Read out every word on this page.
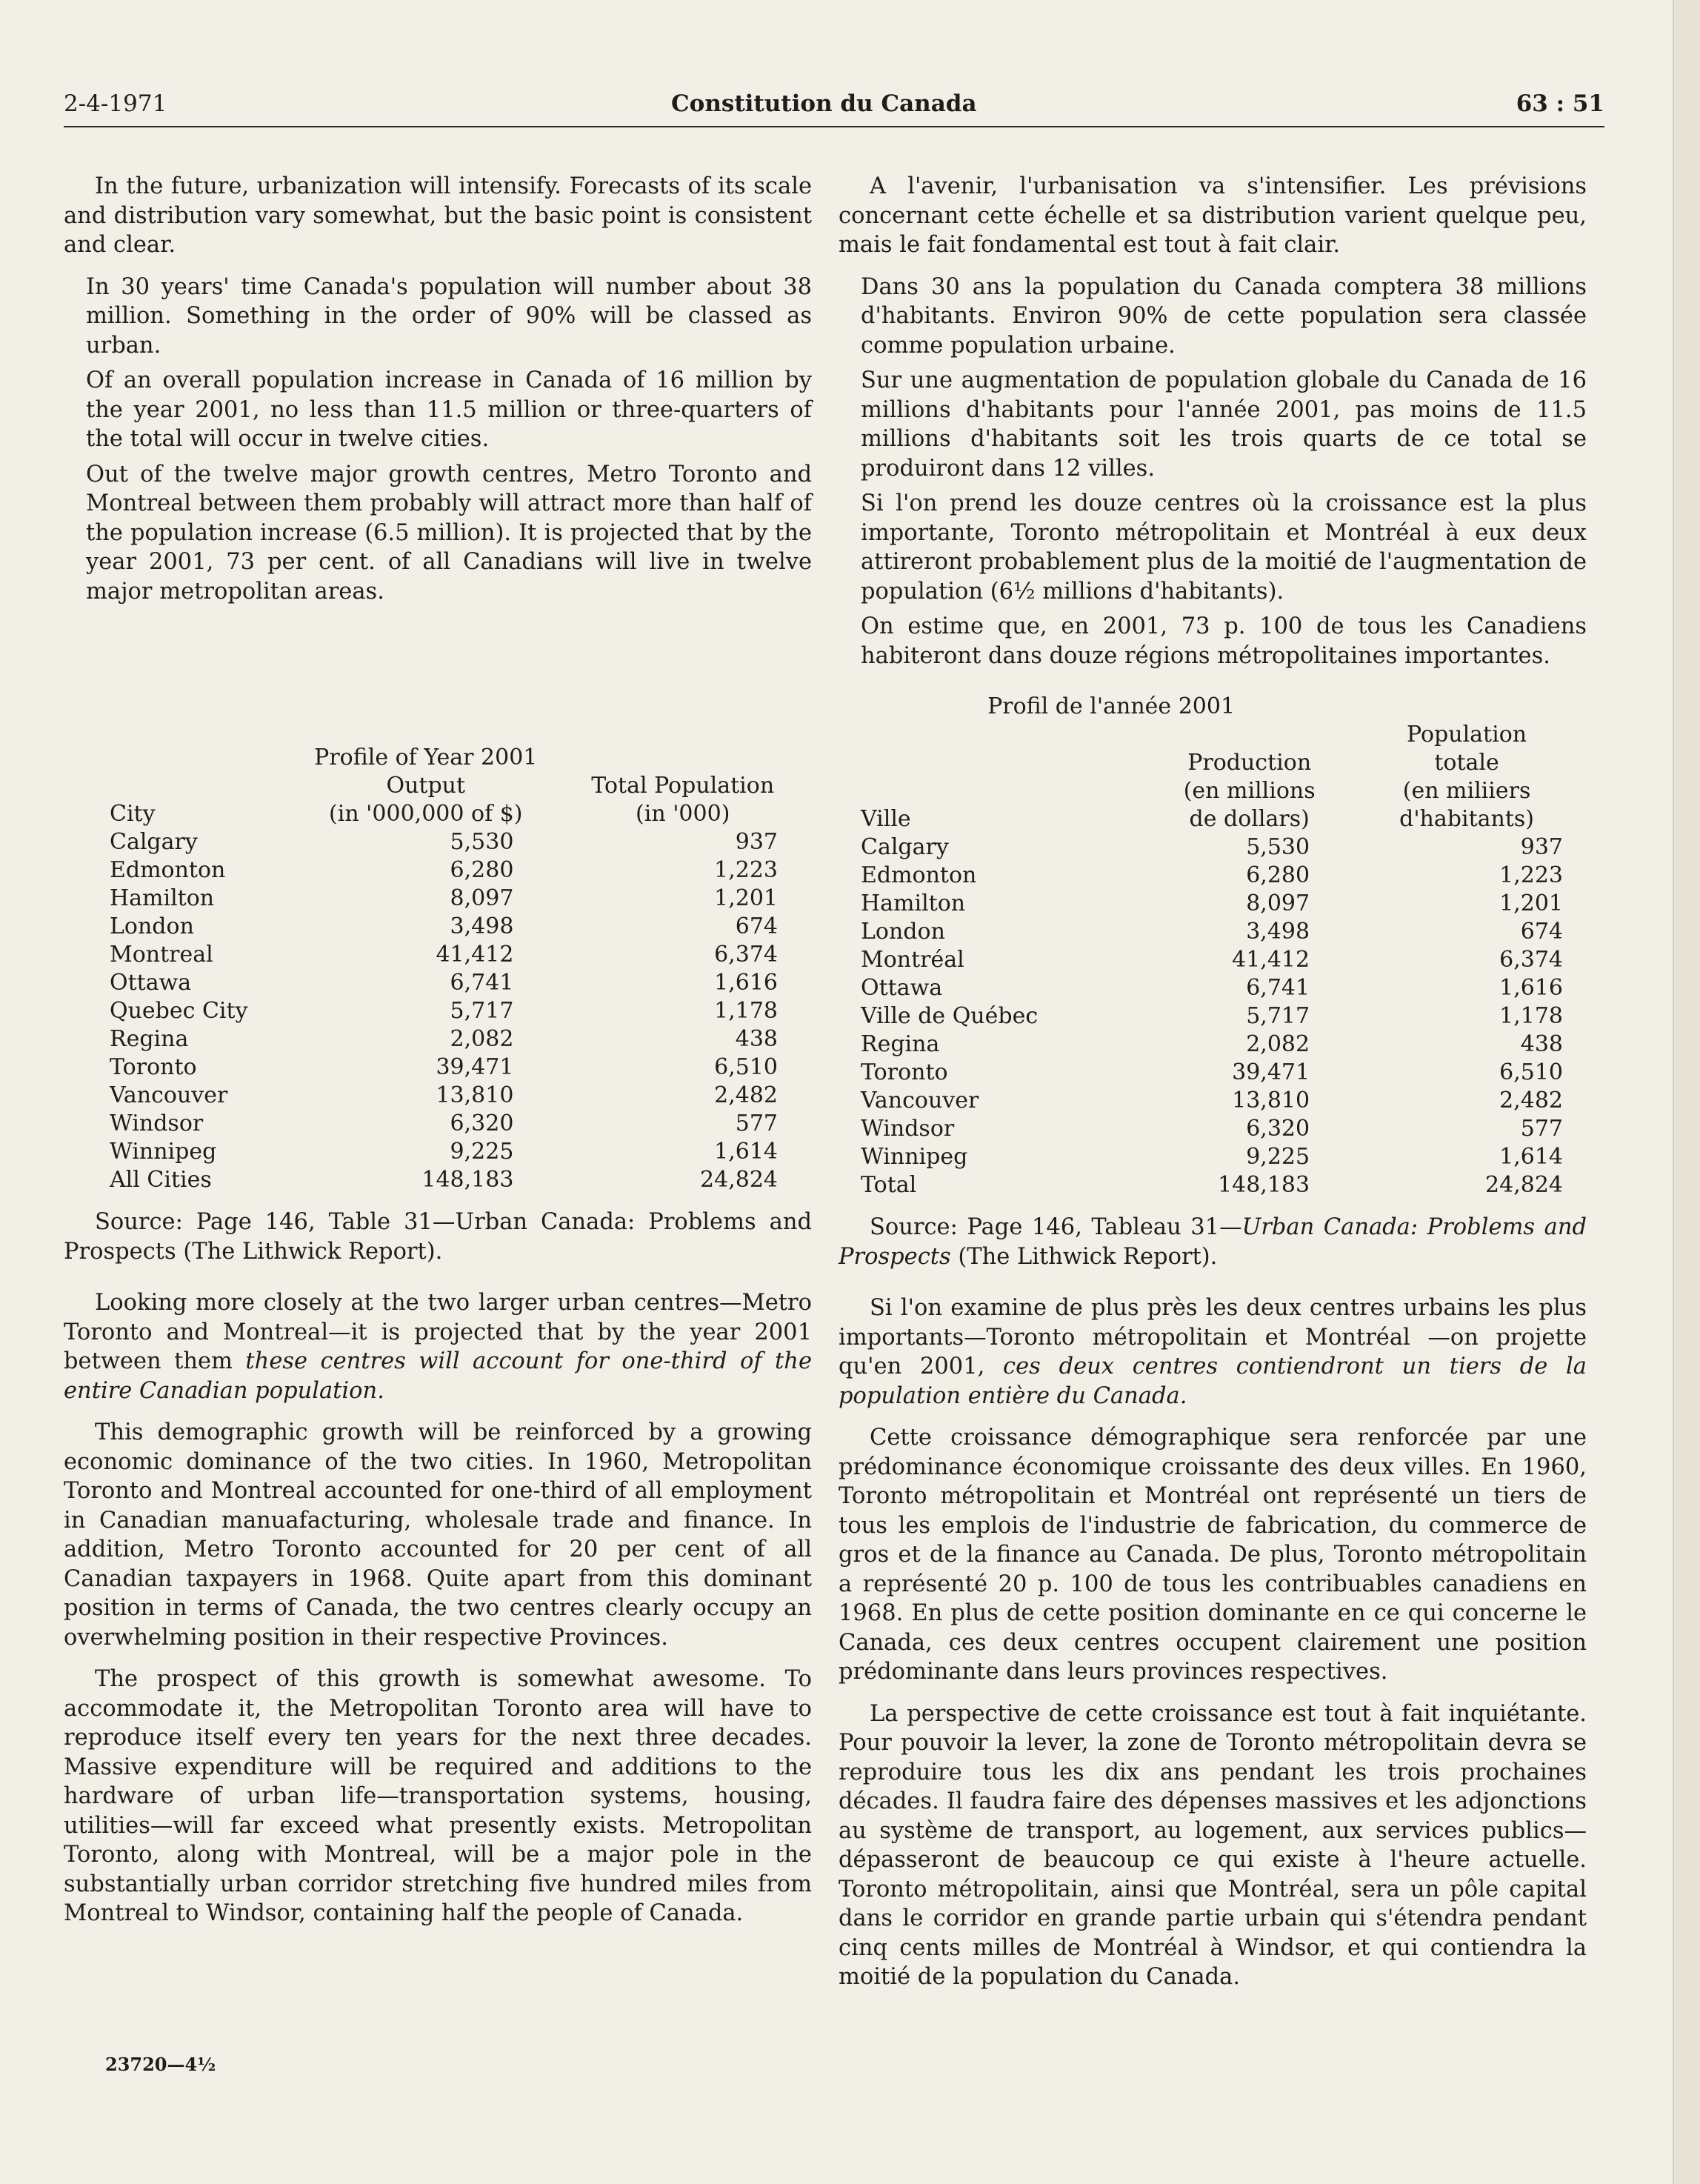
2-4-1971	Constitution du Canada	63 : 51

In the future, urbanization will intensify. Forecasts of its scale and distribution vary somewhat, but the basic point is consistent and clear.

In 30 years' time Canada's population will number about 38 million. Something in the order of 90% will be classed as urban.

Of an overall population increase in Canada of 16 million by the year 2001, no less than 11.5 million or three-quarters of the total will occur in twelve cities.

Out of the twelve major growth centres, Metro Toronto and Montreal between them probably will attract more than half of the population increase (6.5 million). It is projected that by the year 2001, 73 per cent. of all Canadians will live in twelve major metropolitan areas.

	Profile of Year 2001	
	Output	Total Population
City	(in '000,000 of $)	(in '000)
Calgary	5,530	937
Edmonton	6,280	1,223
Hamilton	8,097	1,201
London	3,498	674
Montreal	41,412	6,374
Ottawa	6,741	1,616
Quebec City	5,717	1,178
Regina	2,082	438
Toronto	39,471	6,510
Vancouver	13,810	2,482
Windsor	6,320	577
Winnipeg	9,225	1,614
All Cities	148,183	24,824

Source: Page 146, Table 31—Urban Canada: Problems and Prospects (The Lithwick Report).

Looking more closely at the two larger urban centres—Metro Toronto and Montreal—it is projected that by the year 2001 between them these centres will account for one-third of the entire Canadian population.

This demographic growth will be reinforced by a growing economic dominance of the two cities. In 1960, Metropolitan Toronto and Montreal accounted for one-third of all employment in Canadian manuafacturing, wholesale trade and finance. In addition, Metro Toronto accounted for 20 per cent of all Canadian taxpayers in 1968. Quite apart from this dominant position in terms of Canada, the two centres clearly occupy an overwhelming position in their respective Provinces.

The prospect of this growth is somewhat awesome. To accommodate it, the Metropolitan Toronto area will have to reproduce itself every ten years for the next three decades. Massive expenditure will be required and additions to the hardware of urban life—transportation systems, housing, utilities—will far exceed what presently exists. Metropolitan Toronto, along with Montreal, will be a major pole in the substantially urban corridor stretching five hundred miles from Montreal to Windsor, containing half the people of Canada.

A l'avenir, l'urbanisation va s'intensifier. Les prévisions concernant cette échelle et sa distribution varient quelque peu, mais le fait fondamental est tout à fait clair.

Dans 30 ans la population du Canada comptera 38 millions d'habitants. Environ 90% de cette population sera classée comme population urbaine.

Sur une augmentation de population globale du Canada de 16 millions d'habitants pour l'année 2001, pas moins de 11.5 millions d'habitants soit les trois quarts de ce total se produiront dans 12 villes.

Si l'on prend les douze centres où la croissance est la plus importante, Toronto métropolitain et Montréal à eux deux attireront probablement plus de la moitié de l'augmentation de population (6½ millions d'habitants).

On estime que, en 2001, 73 p. 100 de tous les Canadiens habiteront dans douze régions métropolitaines importantes.

Profil de l'année 2001		
		Population
	Production	totale
	(en millions	(en miliiers
Ville	de dollars)	d'habitants)
Calgary	5,530	937
Edmonton	6,280	1,223
Hamilton	8,097	1,201
London	3,498	674
Montréal	41,412	6,374
Ottawa	6,741	1,616
Ville de Québec	5,717	1,178
Regina	2,082	438
Toronto	39,471	6,510
Vancouver	13,810	2,482
Windsor	6,320	577
Winnipeg	9,225	1,614
Total	148,183	24,824

Source: Page 146, Tableau 31—Urban Canada: Problems and Prospects (The Lithwick Report).

Si l'on examine de plus près les deux centres urbains les plus importants—Toronto métropolitain et Montréal —on projette qu'en 2001, ces deux centres contiendront un tiers de la population entière du Canada.

Cette croissance démographique sera renforcée par une prédominance économique croissante des deux villes. En 1960, Toronto métropolitain et Montréal ont représenté un tiers de tous les emplois de l'industrie de fabrication, du commerce de gros et de la finance au Canada. De plus, Toronto métropolitain a représenté 20 p. 100 de tous les contribuables canadiens en 1968. En plus de cette position dominante en ce qui concerne le Canada, ces deux centres occupent clairement une position prédominante dans leurs provinces respectives.

La perspective de cette croissance est tout à fait inquiétante. Pour pouvoir la lever, la zone de Toronto métropolitain devra se reproduire tous les dix ans pendant les trois prochaines décades. Il faudra faire des dépenses massives et les adjonctions au système de transport, au logement, aux services publics—dépasseront de beaucoup ce qui existe à l'heure actuelle. Toronto métropolitain, ainsi que Montréal, sera un pôle capital dans le corridor en grande partie urbain qui s'étendra pendant cinq cents milles de Montréal à Windsor, et qui contiendra la moitié de la population du Canada.

23720—4½
